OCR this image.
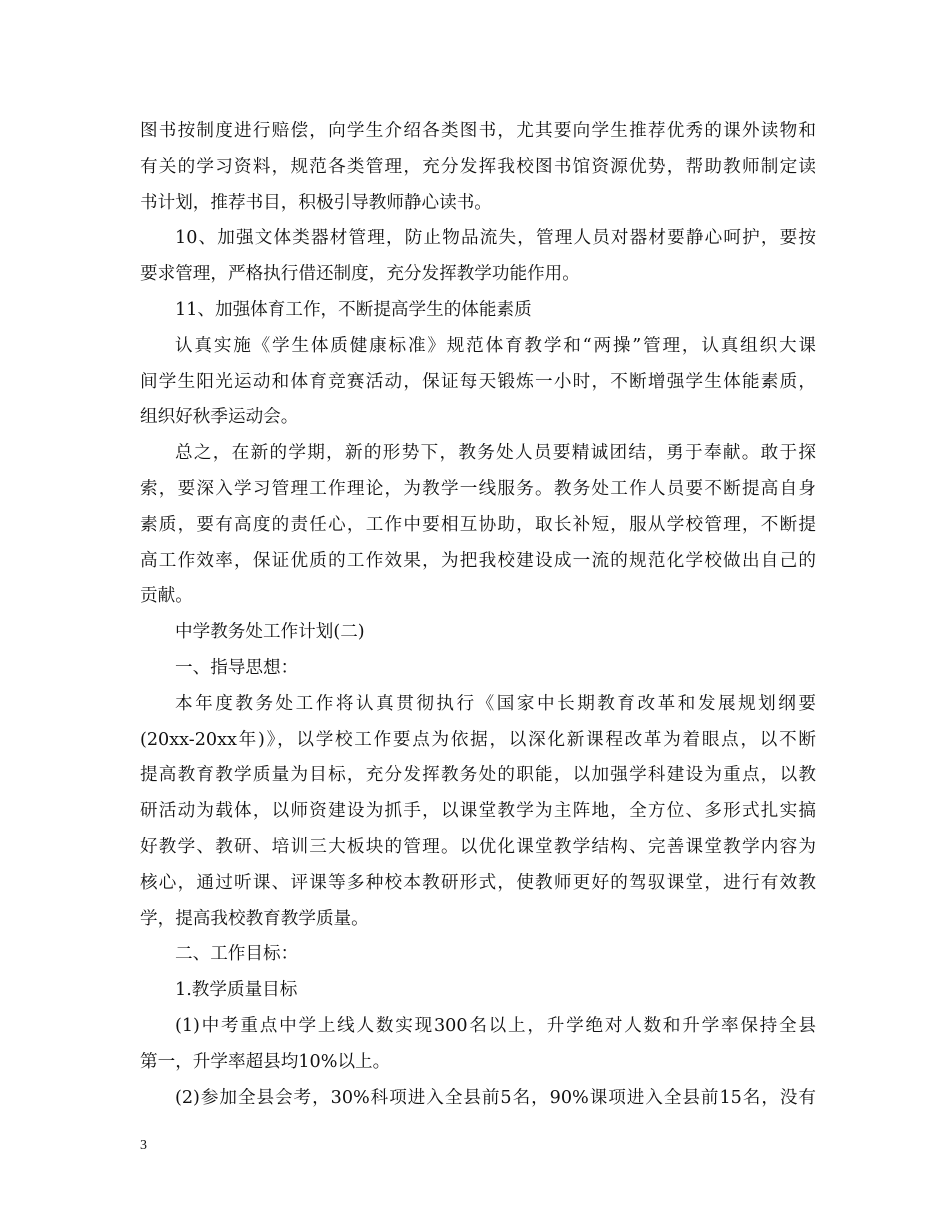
图书按制度进行赔偿，向学生介绍各类图书，尤其要向学生推荐优秀的课外读物和
有关的学习资料，规范各类管理，充分发挥我校图书馆资源优势，帮助教师制定读
书计划，推荐书目，积极引导教师静心读书。
10、加强文体类器材管理，防止物品流失，管理人员对器材要静心呵护，要按
要求管理，严格执行借还制度，充分发挥教学功能作用。
11、加强体育工作，不断提高学生的体能素质
认真实施《学生体质健康标准》规范体育教学和“两操”管理，认真组织大课
间学生阳光运动和体育竞赛活动，保证每天锻炼一小时，不断增强学生体能素质，
组织好秋季运动会。
总之，在新的学期，新的形势下，教务处人员要精诚团结，勇于奉献。敢于探
索，要深入学习管理工作理论，为教学一线服务。教务处工作人员要不断提高自身
素质，要有高度的责任心，工作中要相互协助，取长补短，服从学校管理，不断提
高工作效率，保证优质的工作效果，为把我校建设成一流的规范化学校做出自己的
贡献。
中学教务处工作计划(二)
一、指导思想：
本年度教务处工作将认真贯彻执行《国家中长期教育改革和发展规划纲要
(20xx-20xx年)》，以学校工作要点为依据，以深化新课程改革为着眼点，以不断
提高教育教学质量为目标，充分发挥教务处的职能，以加强学科建设为重点，以教
研活动为载体，以师资建设为抓手，以课堂教学为主阵地，全方位、多形式扎实搞
好教学、教研、培训三大板块的管理。以优化课堂教学结构、完善课堂教学内容为
核心，通过听课、评课等多种校本教研形式，使教师更好的驾驭课堂，进行有效教
学，提高我校教育教学质量。
二、工作目标：
1.教学质量目标
(1)中考重点中学上线人数实现300名以上，升学绝对人数和升学率保持全县
第一，升学率超县均10%以上。
(2)参加全县会考，30%科项进入全县前5名，90%课项进入全县前15名，没有
3
